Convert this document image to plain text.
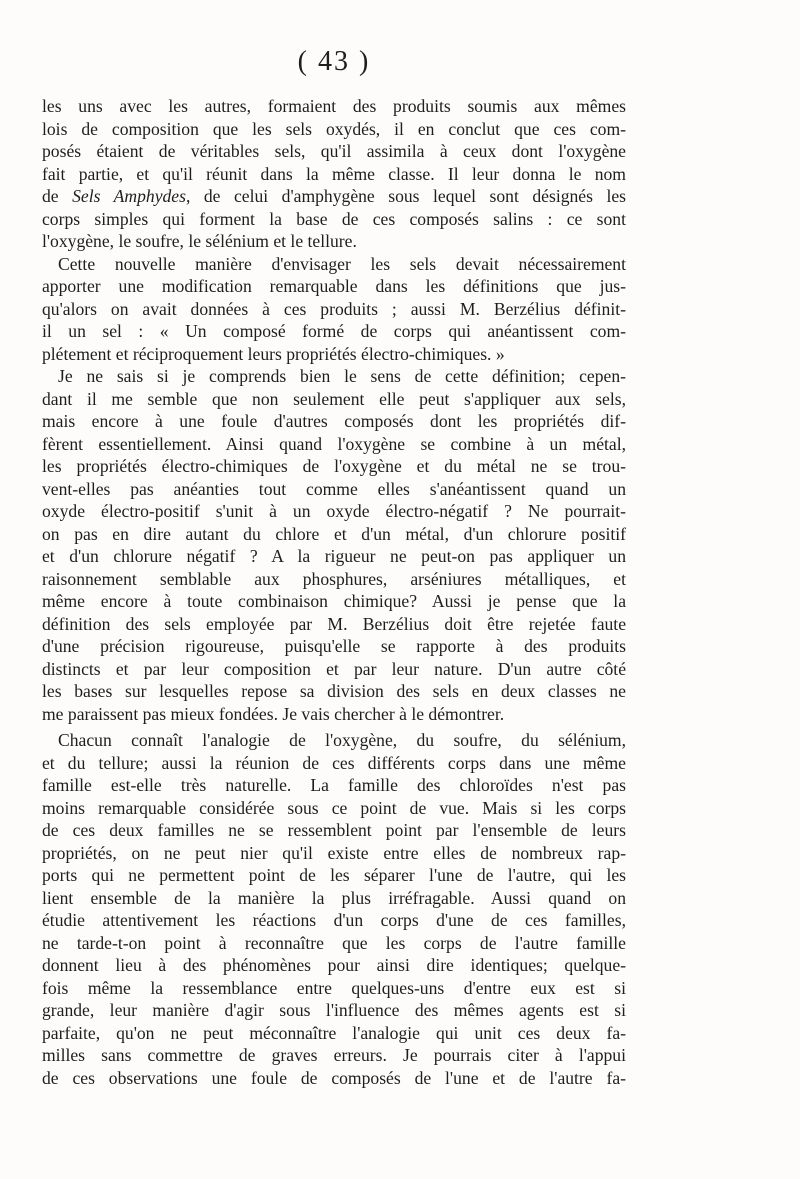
( 43 )
les uns avec les autres, formaient des produits soumis aux mêmes
lois de composition que les sels oxydés, il en conclut que ces com-
posés étaient de véritables sels, qu'il assimila à ceux dont l'oxygène
fait partie, et qu'il réunit dans la même classe. Il leur donna le nom
de Sels Amphydes, de celui d'amphygène sous lequel sont désignés les
corps simples qui forment la base de ces composés salins : ce sont
l'oxygène, le soufre, le sélénium et le tellure.
Cette nouvelle manière d'envisager les sels devait nécessairement
apporter une modification remarquable dans les définitions que jus-
qu'alors on avait données à ces produits ; aussi M. Berzélius définit-
il un sel : « Un composé formé de corps qui anéantissent com-
plétement et réciproquement leurs propriétés électro-chimiques. »
Je ne sais si je comprends bien le sens de cette définition; cepen-
dant il me semble que non seulement elle peut s'appliquer aux sels,
mais encore à une foule d'autres composés dont les propriétés dif-
fèrent essentiellement. Ainsi quand l'oxygène se combine à un métal,
les propriétés électro-chimiques de l'oxygène et du métal ne se trou-
vent-elles pas anéanties tout comme elles s'anéantissent quand un
oxyde électro-positif s'unit à un oxyde électro-négatif ? Ne pourrait-
on pas en dire autant du chlore et d'un métal, d'un chlorure positif
et d'un chlorure négatif ? A la rigueur ne peut-on pas appliquer un
raisonnement semblable aux phosphures, arséniures métalliques, et
même encore à toute combinaison chimique? Aussi je pense que la
définition des sels employée par M. Berzélius doit être rejetée faute
d'une précision rigoureuse, puisqu'elle se rapporte à des produits
distincts et par leur composition et par leur nature. D'un autre côté
les bases sur lesquelles repose sa division des sels en deux classes ne
me paraissent pas mieux fondées. Je vais chercher à le démontrer.
Chacun connaît l'analogie de l'oxygène, du soufre, du sélénium,
et du tellure; aussi la réunion de ces différents corps dans une même
famille est-elle très naturelle. La famille des chloroïdes n'est pas
moins remarquable considérée sous ce point de vue. Mais si les corps
de ces deux familles ne se ressemblent point par l'ensemble de leurs
propriétés, on ne peut nier qu'il existe entre elles de nombreux rap-
ports qui ne permettent point de les séparer l'une de l'autre, qui les
lient ensemble de la manière la plus irréfragable. Aussi quand on
étudie attentivement les réactions d'un corps d'une de ces familles,
ne tarde-t-on point à reconnaître que les corps de l'autre famille
donnent lieu à des phénomènes pour ainsi dire identiques; quelque-
fois même la ressemblance entre quelques-uns d'entre eux est si
grande, leur manière d'agir sous l'influence des mêmes agents est si
parfaite, qu'on ne peut méconnaître l'analogie qui unit ces deux fa-
milles sans commettre de graves erreurs. Je pourrais citer à l'appui
de ces observations une foule de composés de l'une et de l'autre fa-
